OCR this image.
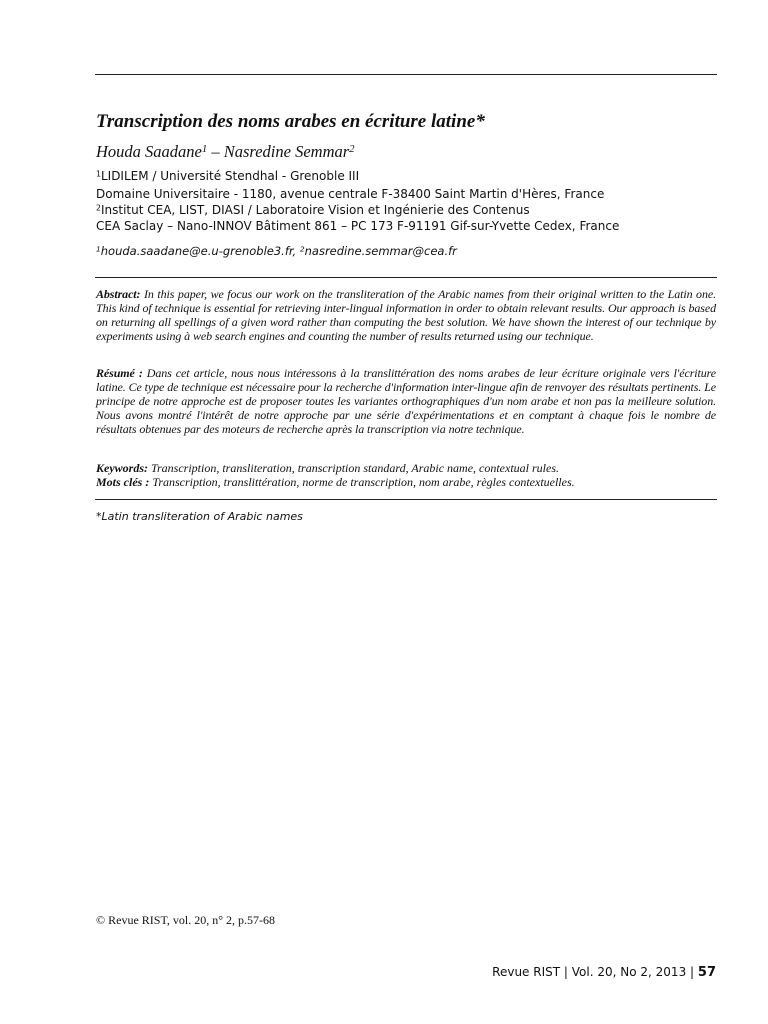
Transcription des noms arabes en écriture latine*
Houda Saadane$^1$ – Nasredine Semmar$^2$
$^1$LIDILEM / Université Stendhal - Grenoble III
Domaine Universitaire - 1180, avenue centrale F-38400 Saint Martin d'Hères, France
$^2$Institut CEA, LIST, DIASI / Laboratoire Vision et Ingénierie des Contenus
CEA Saclay – Nano-INNOV Bâtiment 861 – PC 173 F-91191 Gif-sur-Yvette Cedex, France
$^1$houda.saadane@e.u-grenoble3.fr, $^2$nasredine.semmar@cea.fr

Abstract: In this paper, we focus our work on the transliteration of the Arabic names from their original written to the Latin one. This kind of technique is essential for retrieving inter-lingual information in order to obtain relevant results. Our approach is based on returning all spellings of a given word rather than computing the best solution. We have shown the interest of our technique by experiments using à web search engines and counting the number of results returned using our technique.

Résumé : Dans cet article, nous nous intéressons à la translittération des noms arabes de leur écriture originale vers l'écriture latine. Ce type de technique est nécessaire pour la recherche d'information inter-lingue afin de renvoyer des résultats pertinents. Le principe de notre approche est de proposer toutes les variantes orthographiques d'un nom arabe et non pas la meilleure solution. Nous avons montré l'intérêt de notre approche par une série d'expérimentations et en comptant à chaque fois le nombre de résultats obtenues par des moteurs de recherche après la transcription via notre technique.

Keywords: Transcription, transliteration, transcription standard, Arabic name, contextual rules.

Mots clés : Transcription, translittération, norme de transcription, nom arabe, règles contextuelles.

*Latin transliteration of Arabic names
© Revue RIST, vol. 20, n° 2, p.57-68
Revue RIST | Vol. 20, No 2, 2013 | 57
